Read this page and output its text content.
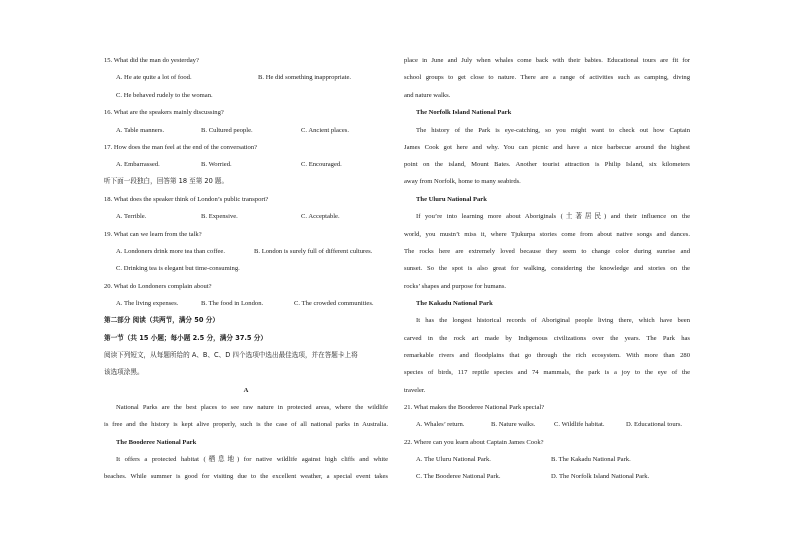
15. What did the man do yesterday?
A. He ate quite a lot of food.	B. He did something inappropriate.
C. He behaved rudely to the woman.
16. What are the speakers mainly discussing?
A. Table manners.	B. Cultured people.	C. Ancient places.
17. How does the man feel at the end of the conversation?
A. Embarrassed.	B. Worried.	C. Encouraged.
听下面一段独白，回答第 18 至第 20 题。
18. What does the speaker think of London’s public transport?
A. Terrible.	B. Expensive.	C. Acceptable.
19. What can we learn from the talk?
A. Londoners drink more tea than coffee.	B. London is surely full of different cultures.
C. Drinking tea is elegant but time-consuming.
20. What do Londoners complain about?
A. The living expenses.	B. The food in London.	C. The crowded communities.
第二部分 阅读（共两节，满分 50 分）
第一节（共 15 小题；每小题 2.5 分，满分 37.5 分）
阅读下列短文，从每题所给的 A、B、C、D 四个选项中选出最佳选项，并在答题卡上将
该选项涂黑。
A
National Parks are the best places to see raw nature in protected areas, where the wildlife
is free and the history is kept alive properly, such is the case of all national parks in Australia.
The Booderee National Park
It offers a protected habitat (栖息地) for native wildlife against high cliffs and white
beaches. While summer is good for visiting due to the excellent weather, a special event takes
place in June and July when whales come back with their babies. Educational tours are fit for
school groups to get close to nature. There are a range of activities such as camping, diving
and nature walks.
The Norfolk Island National Park
The history of the Park is eye-catching, so you might want to check out how Captain
James Cook got here and why. You can picnic and have a nice barbecue around the highest
point on the island, Mount Bates. Another tourist attraction is Philip Island, six kilometers
away from Norfolk, home to many seabirds.
The Uluru National Park
If you’re into learning more about Aboriginals (土著居民) and their influence on the
world, you mustn’t miss it, where Tjukurpa stories come from about native songs and dances.
The rocks here are extremely loved because they seem to change color during sunrise and
sunset. So the spot is also great for walking, considering the knowledge and stories on the
rocks’ shapes and purpose for humans.
The Kakadu National Park
It has the longest historical records of Aboriginal people living there, which have been
carved in the rock art made by Indigenous civilizations over the years. The Park has
remarkable rivers and floodplains that go through the rich ecosystem. With more than 280
species of birds, 117 reptile species and 74 mammals, the park is a joy to the eye of the
traveler.
21. What makes the Booderee National Park special?
A. Whales’ return.	B. Nature walks.	C. Wildlife habitat.	D. Educational tours.
22. Where can you learn about Captain James Cook?
A. The Uluru National Park.	B. The Kakadu National Park.
C. The Booderee National Park.	D. The Norfolk Island National Park.
